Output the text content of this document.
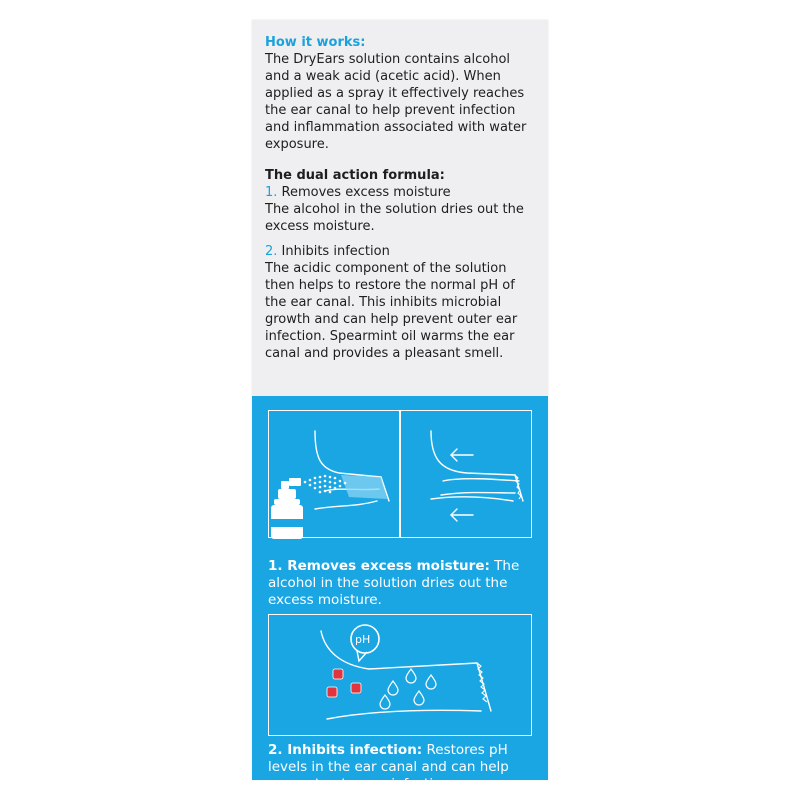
How it works:

The DryEars solution contains alcohol and a weak acid (acetic acid). When applied as a spray it effectively reaches the ear canal to help prevent infection and inflammation associated with water exposure.

The dual action formula:

1. Removes excess moisture

The alcohol in the solution dries out the excess moisture.

2. Inhibits infection

The acidic component of the solution then helps to restore the normal pH of the ear canal. This inhibits microbial growth and can help prevent outer ear infection. Spearmint oil warms the ear canal and provides a pleasant smell.

1. Removes excess moisture: The alcohol in the solution dries out the excess moisture.
pH
2. Inhibits infection: Restores pH levels in the ear canal and can help prevent outer ear infection.
